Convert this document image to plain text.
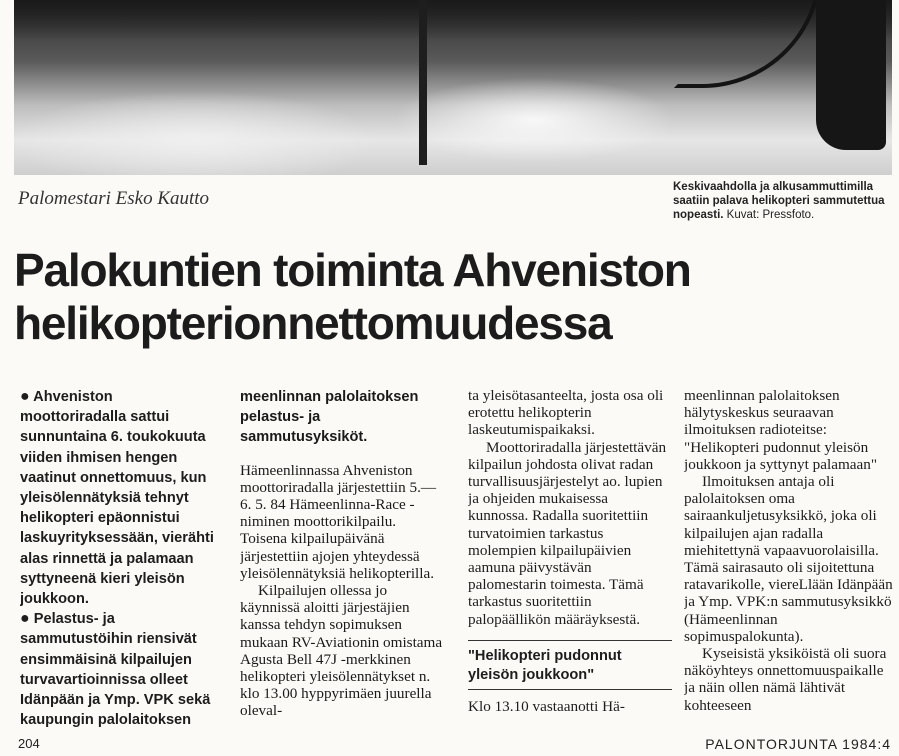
Palomestari Esko Kautto
Keskivaahdolla ja alkusammuttimilla saatiin palava helikopteri sammutettua nopeasti. Kuvat: Pressfoto.
Palokuntien toiminta Ahveniston helikopterionnettomuudessa

● Ahveniston moottoriradalla sattui sunnuntaina 6. toukokuuta viiden ihmisen hengen vaatinut onnettomuus, kun yleisölennätyksiä tehnyt helikopteri epäonnistui laskuyrityksessään, vierähti alas rinnettä ja palamaan syttyneenä kieri yleisön joukkoon.

● Pelastus- ja sammutustöihin riensivät ensimmäisinä kilpailujen turvavartioinnissa olleet Idänpään ja Ymp. VPK sekä kaupungin palolaitoksen

meenlinnan palolaitoksen pelastus- ja sammutusyksiköt.

Hämeenlinnassa Ahveniston moottoriradalla järjestettiin 5.—6. 5. 84 Hämeenlinna-Race -niminen moottorikilpailu. Toisena kilpailupäivänä järjestettiin ajojen yhteydessä yleisölennätyksiä helikopterilla.

Kilpailujen ollessa jo käynnissä aloitti järjestäjien kanssa tehdyn sopimuksen mukaan RV-Aviationin omistama Agusta Bell 47J -merkkinen helikopteri yleisölennätykset n. klo 13.00 hyppyrimäen juurella oleval-

ta yleisötasanteelta, josta osa oli erotettu helikopterin laskeutumispaikaksi.

Moottoriradalla järjestettävän kilpailun johdosta olivat radan turvallisuusjärjestelyt ao. lupien ja ohjeiden mukaisessa kunnossa. Radalla suoritettiin turvatoimien tarkastus molempien kilpailupäivien aamuna päivystävän palomestarin toimesta. Tämä tarkastus suoritettiin palopäällikön määräyksestä.

"Helikopteri pudonnut yleisön joukkoon"

Klo 13.10 vastaanotti Hä-

meenlinnan palolaitoksen hälytyskeskus seuraavan ilmoituksen radioteitse: "Helikopteri pudonnut yleisön joukkoon ja syttynyt palamaan"

Ilmoituksen antaja oli palolaitoksen oma sairaankuljetusyksikkö, joka oli kilpailujen ajan radalla miehitettynä vapaavuorolaisilla. Tämä sairasauto oli sijoitettuna ratavarikolle, viereLlään Idänpään ja Ymp. VPK:n sammutusyksikkö (Hämeenlinnan sopimuspalokunta).

Kyseisistä yksiköistä oli suora näköyhteys onnettomuuspaikalle ja näin ollen nämä lähtivät kohteeseen

204	PALONTORJUNTA 1984:4
